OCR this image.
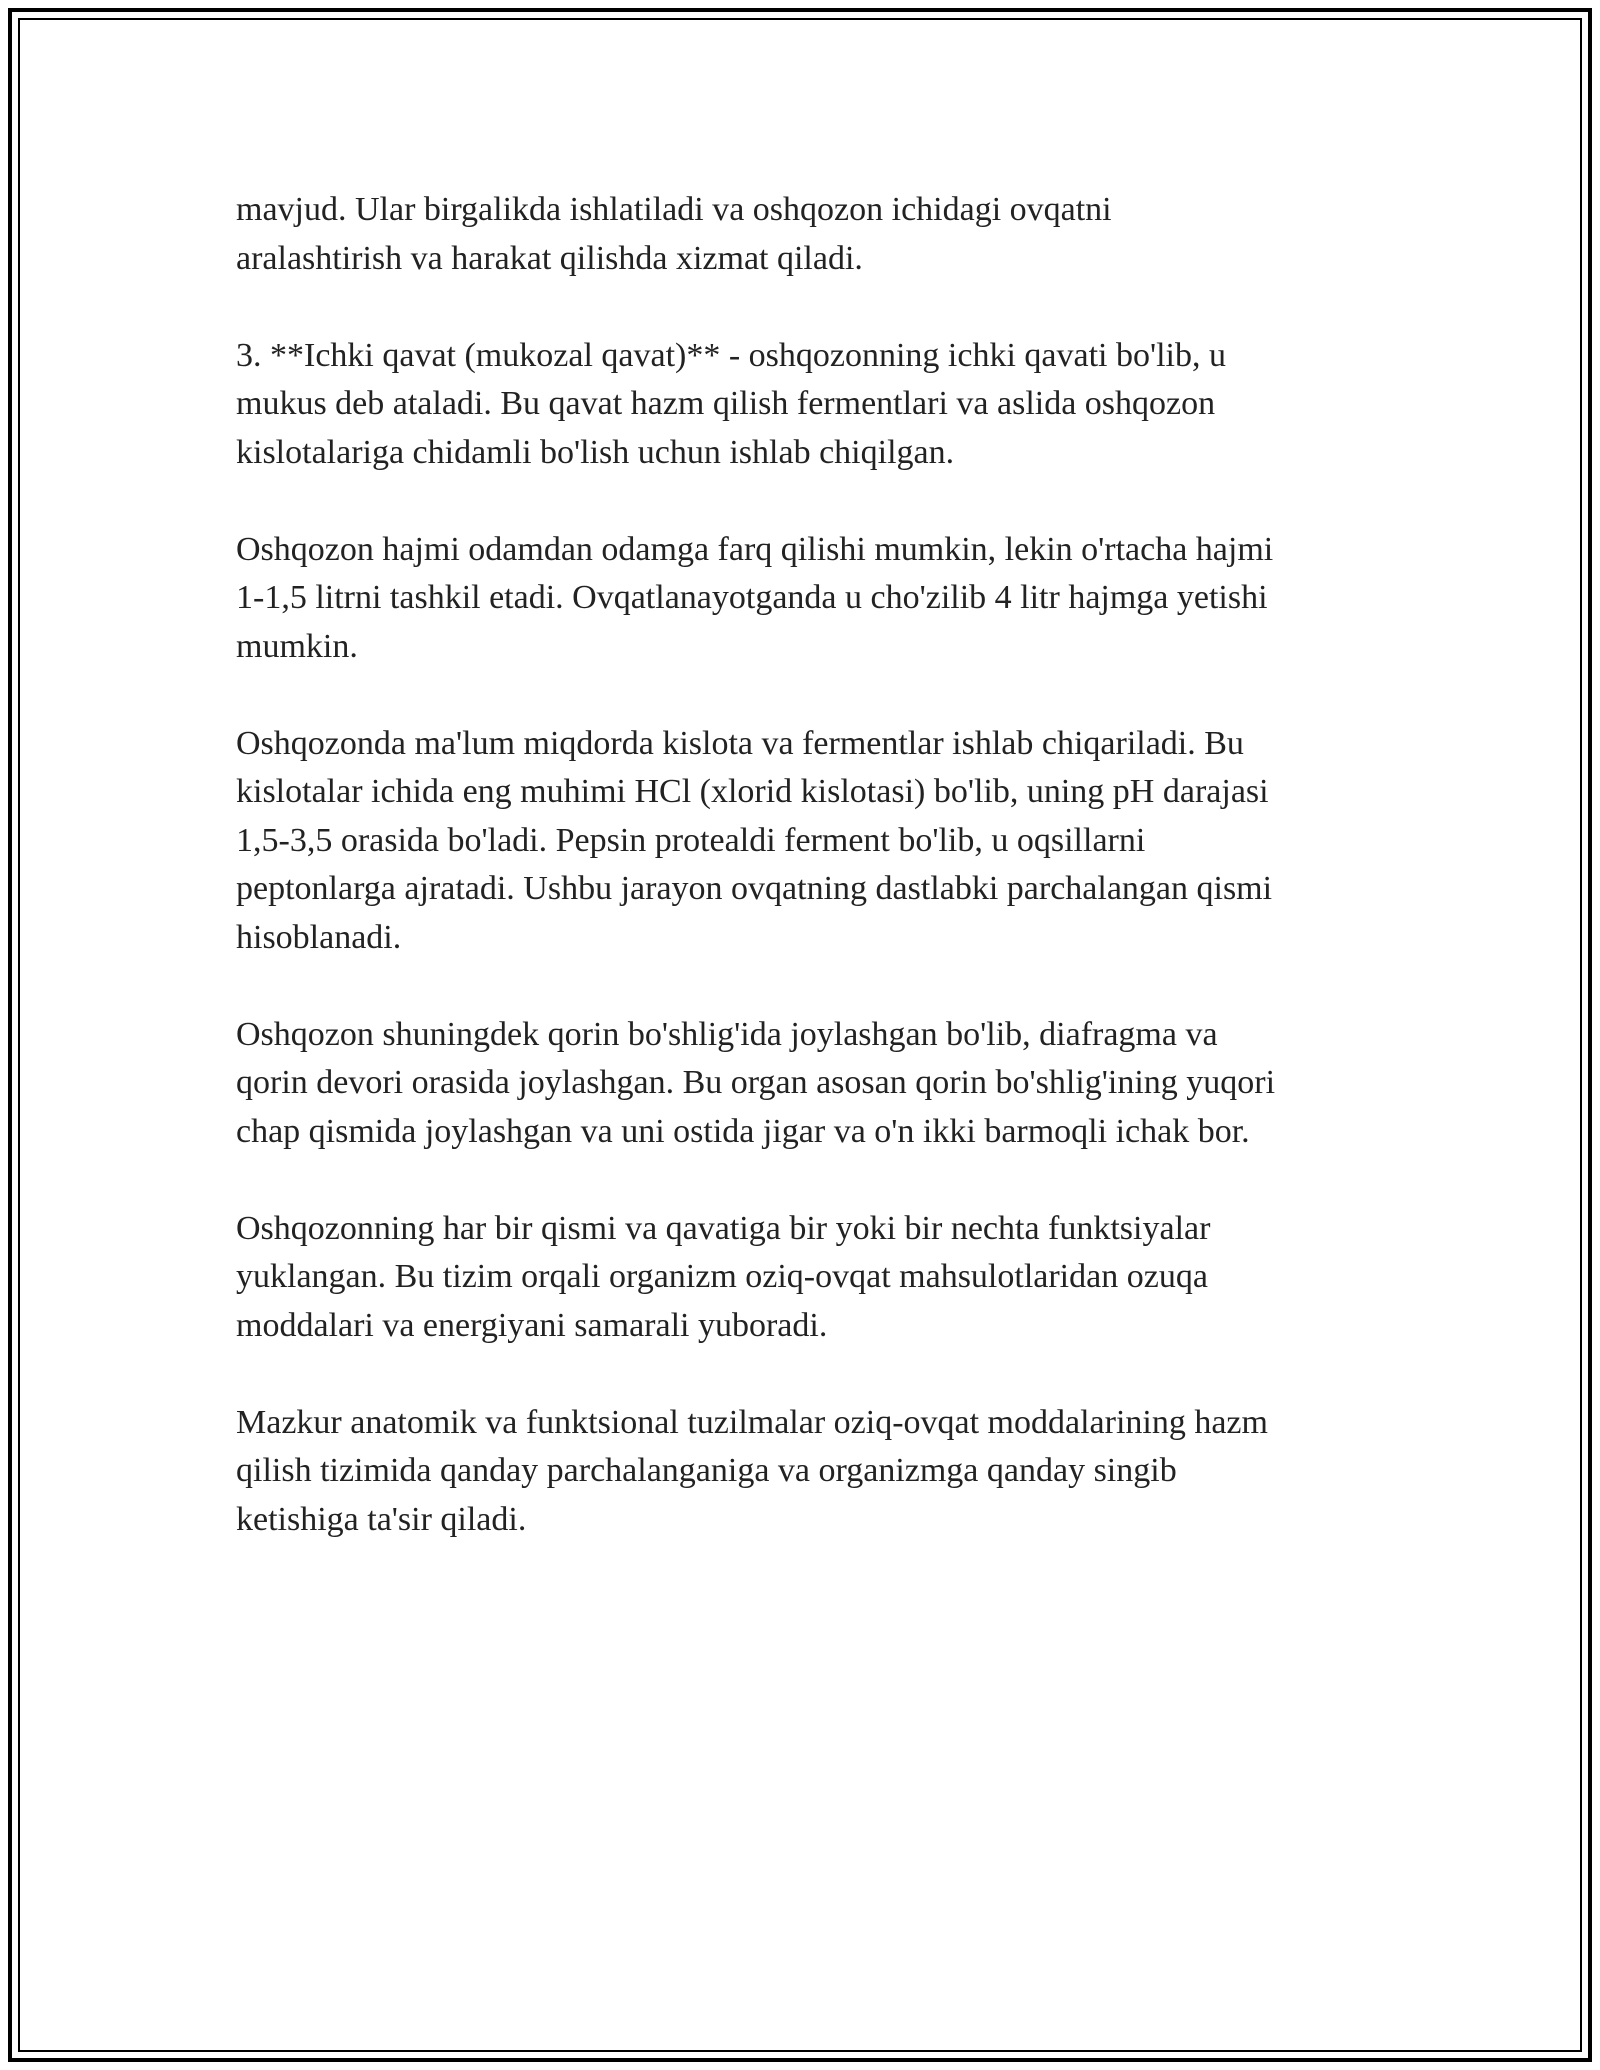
mavjud. Ular birgalikda ishlatiladi va oshqozon ichidagi ovqatni
aralashtirish va harakat qilishda xizmat qiladi.

3. **Ichki qavat (mukozal qavat)** - oshqozonning ichki qavati bo'lib, u
mukus deb ataladi. Bu qavat hazm qilish fermentlari va aslida oshqozon
kislotalariga chidamli bo'lish uchun ishlab chiqilgan.

Oshqozon hajmi odamdan odamga farq qilishi mumkin, lekin o'rtacha hajmi
1-1,5 litrni tashkil etadi. Ovqatlanayotganda u cho'zilib 4 litr hajmga yetishi
mumkin.

Oshqozonda ma'lum miqdorda kislota va fermentlar ishlab chiqariladi. Bu
kislotalar ichida eng muhimi HCl (xlorid kislotasi) bo'lib, uning pH darajasi
1,5-3,5 orasida bo'ladi. Pepsin protealdi ferment bo'lib, u oqsillarni
peptonlarga ajratadi. Ushbu jarayon ovqatning dastlabki parchalangan qismi
hisoblanadi.

Oshqozon shuningdek qorin bo'shlig'ida joylashgan bo'lib, diafragma va
qorin devori orasida joylashgan. Bu organ asosan qorin bo'shlig'ining yuqori
chap qismida joylashgan va uni ostida jigar va o'n ikki barmoqli ichak bor.

Oshqozonning har bir qismi va qavatiga bir yoki bir nechta funktsiyalar
yuklangan. Bu tizim orqali organizm oziq-ovqat mahsulotlaridan ozuqa
moddalari va energiyani samarali yuboradi.

Mazkur anatomik va funktsional tuzilmalar oziq-ovqat moddalarining hazm
qilish tizimida qanday parchalanganiga va organizmga qanday singib
ketishiga ta'sir qiladi.
